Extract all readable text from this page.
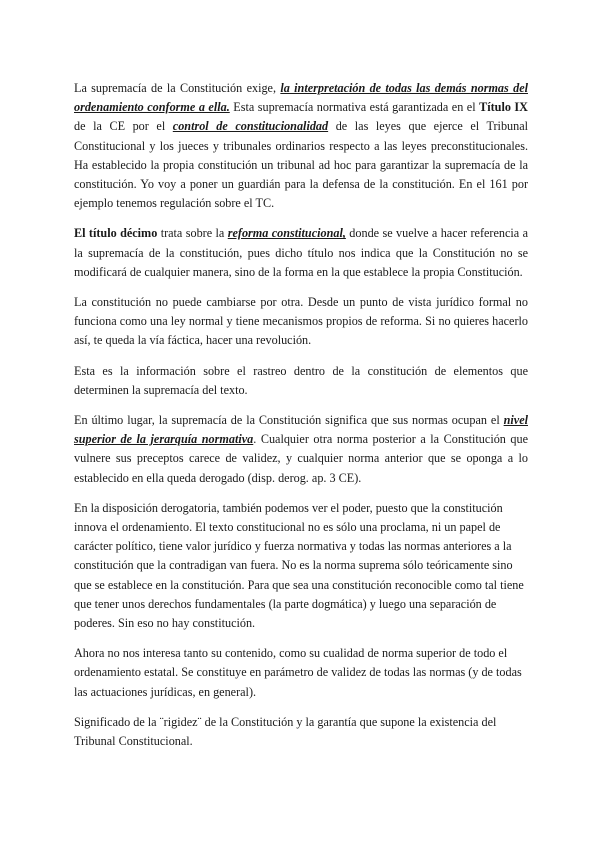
La supremacía de la Constitución exige, la interpretación de todas las demás normas del ordenamiento conforme a ella. Esta supremacía normativa está garantizada en el Título IX de la CE por el control de constitucionalidad de las leyes que ejerce el Tribunal Constitucional y los jueces y tribunales ordinarios respecto a las leyes preconstitucionales. Ha establecido la propia constitución un tribunal ad hoc para garantizar la supremacía de la constitución. Yo voy a poner un guardián para la defensa de la constitución. En el 161 por ejemplo tenemos regulación sobre el TC.

El título décimo trata sobre la reforma constitucional, donde se vuelve a hacer referencia a la supremacía de la constitución, pues dicho título nos indica que la Constitución no se modificará de cualquier manera, sino de la forma en la que establece la propia Constitución.

La constitución no puede cambiarse por otra. Desde un punto de vista jurídico formal no funciona como una ley normal y tiene mecanismos propios de reforma. Si no quieres hacerlo así, te queda la vía fáctica, hacer una revolución.

Esta es la información sobre el rastreo dentro de la constitución de elementos que determinen la supremacía del texto.

En último lugar, la supremacía de la Constitución significa que sus normas ocupan el nivel superior de la jerarquía normativa. Cualquier otra norma posterior a la Constitución que vulnere sus preceptos carece de validez, y cualquier norma anterior que se oponga a lo establecido en ella queda derogado (disp. derog. ap. 3 CE).

En la disposición derogatoria, también podemos ver el poder, puesto que la constitución innova el ordenamiento. El texto constitucional no es sólo una proclama, ni un papel de carácter político, tiene valor jurídico y fuerza normativa y todas las normas anteriores a la constitución que la contradigan van fuera. No es la norma suprema sólo teóricamente sino que se establece en la constitución. Para que sea una constitución reconocible como tal tiene que tener unos derechos fundamentales (la parte dogmática) y luego una separación de poderes. Sin eso no hay constitución.

Ahora no nos interesa tanto su contenido, como su cualidad de norma superior de todo el ordenamiento estatal. Se constituye en parámetro de validez de todas las normas (y de todas las actuaciones jurídicas, en general).

Significado de la ¨rigidez¨ de la Constitución y la garantía que supone la existencia del Tribunal Constitucional.
